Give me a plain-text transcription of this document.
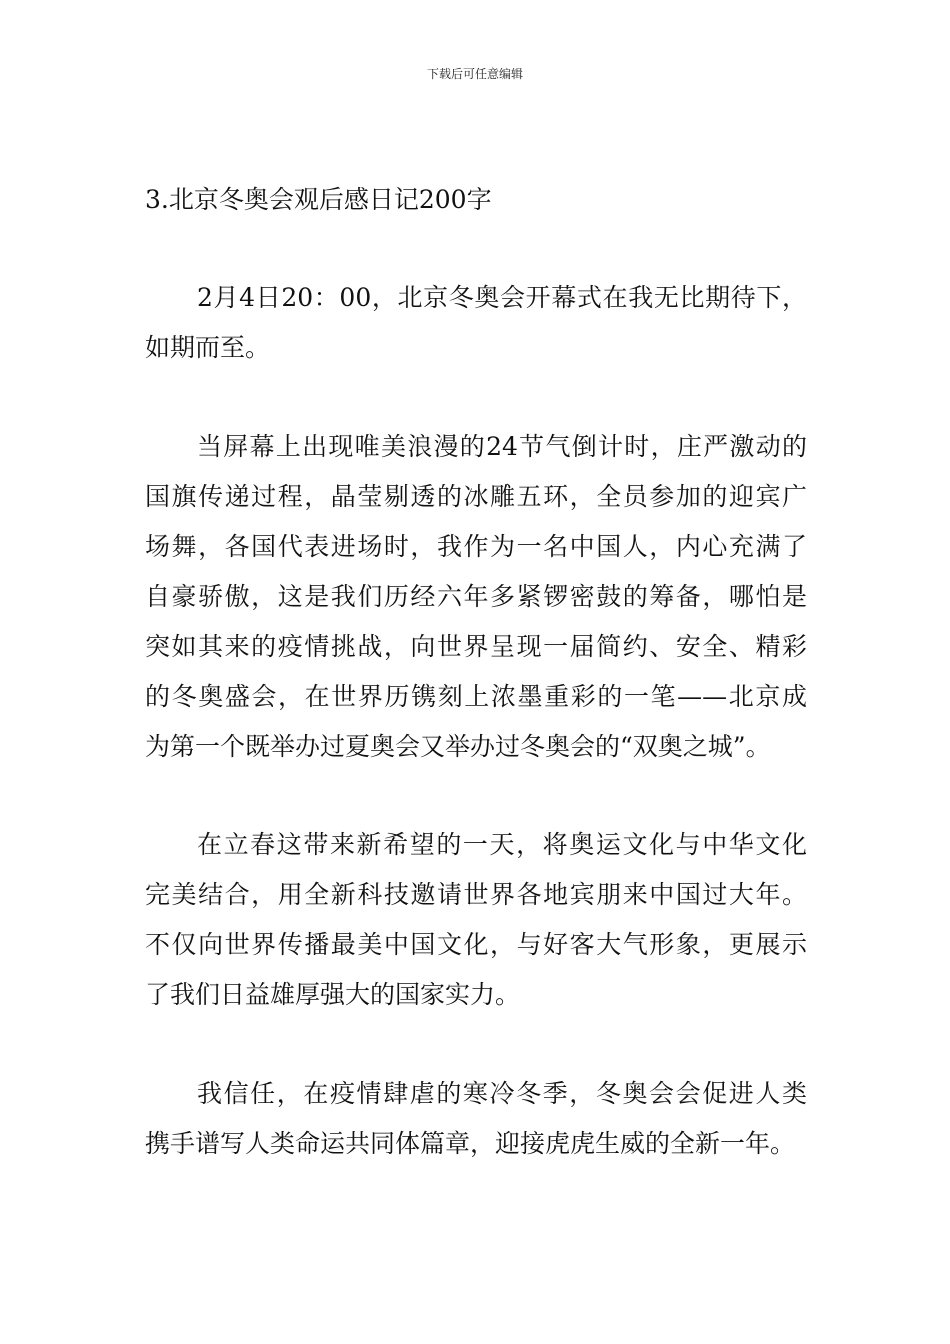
下载后可任意编辑
3.北京冬奥会观后感日记200字
2月4日20：00，北京冬奥会开幕式在我无比期待下，
如期而至。
当屏幕上出现唯美浪漫的24节气倒计时，庄严激动的
国旗传递过程，晶莹剔透的冰雕五环，全员参加的迎宾广
场舞，各国代表进场时，我作为一名中国人，内心充满了
自豪骄傲，这是我们历经六年多紧锣密鼓的筹备，哪怕是
突如其来的疫情挑战，向世界呈现一届简约、安全、精彩
的冬奥盛会，在世界历镌刻上浓墨重彩的一笔——北京成
为第一个既举办过夏奥会又举办过冬奥会的“双奥之城”。
在立春这带来新希望的一天，将奥运文化与中华文化
完美结合，用全新科技邀请世界各地宾朋来中国过大年。
不仅向世界传播最美中国文化，与好客大气形象，更展示
了我们日益雄厚强大的国家实力。
我信任，在疫情肆虐的寒冷冬季，冬奥会会促进人类
携手谱写人类命运共同体篇章，迎接虎虎生威的全新一年。
